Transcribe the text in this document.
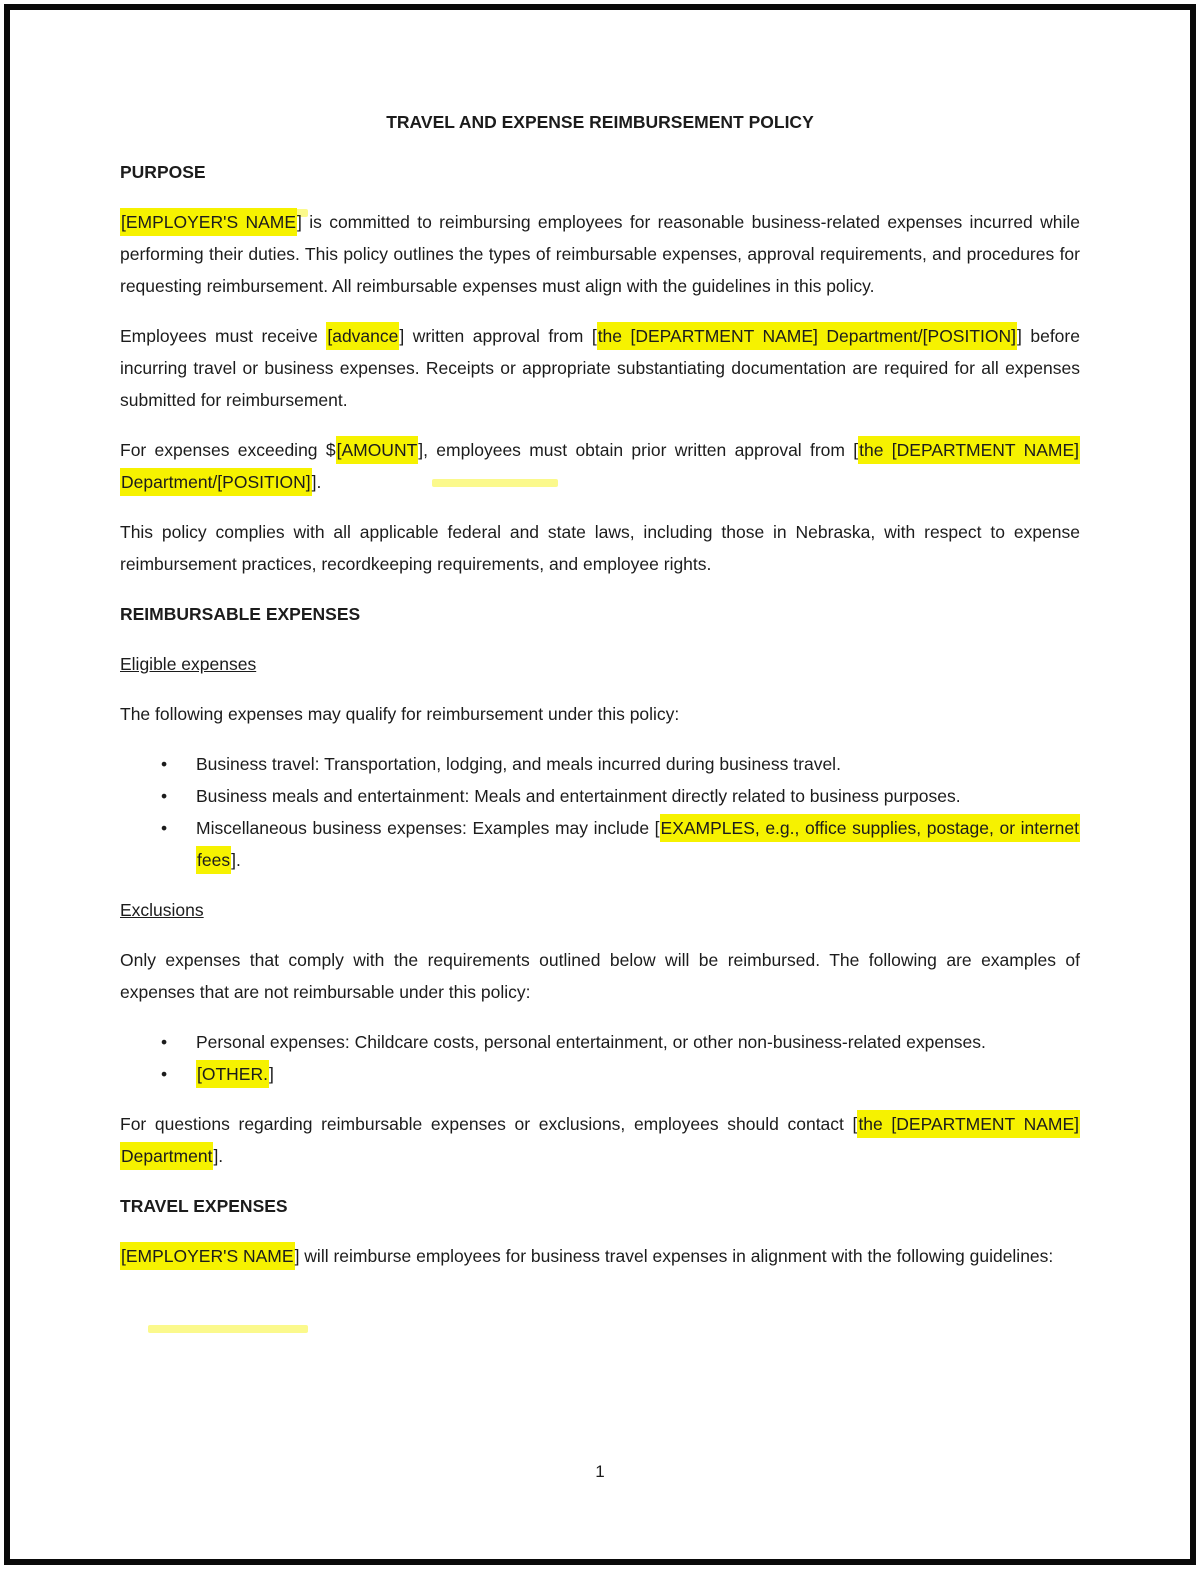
TRAVEL AND EXPENSE REIMBURSEMENT POLICY
PURPOSE

[EMPLOYER'S NAME] is committed to reimbursing employees for reasonable business-related expenses incurred while performing their duties. This policy outlines the types of reimbursable expenses, approval requirements, and procedures for requesting reimbursement. All reimbursable expenses must align with the guidelines in this policy.

Employees must receive [advance] written approval from [the [DEPARTMENT NAME] Department/[POSITION]] before incurring travel or business expenses. Receipts or appropriate substantiating documentation are required for all expenses submitted for reimbursement.

For expenses exceeding $[AMOUNT], employees must obtain prior written approval from [the [DEPARTMENT NAME] Department/[POSITION]].

This policy complies with all applicable federal and state laws, including those in Nebraska, with respect to expense reimbursement practices, recordkeeping requirements, and employee rights.

REIMBURSABLE EXPENSES
Eligible expenses

The following expenses may qualify for reimbursement under this policy:

• Business travel: Transportation, lodging, and meals incurred during business travel.
• Business meals and entertainment: Meals and entertainment directly related to business purposes.
• Miscellaneous business expenses: Examples may include [EXAMPLES, e.g., office supplies, postage, or internet fees].
Exclusions

Only expenses that comply with the requirements outlined below will be reimbursed. The following are examples of expenses that are not reimbursable under this policy:

• Personal expenses: Childcare costs, personal entertainment, or other non-business-related expenses.
• [OTHER.]

For questions regarding reimbursable expenses or exclusions, employees should contact [the [DEPARTMENT NAME] Department].

TRAVEL EXPENSES

[EMPLOYER'S NAME] will reimburse employees for business travel expenses in alignment with the following guidelines:

1
